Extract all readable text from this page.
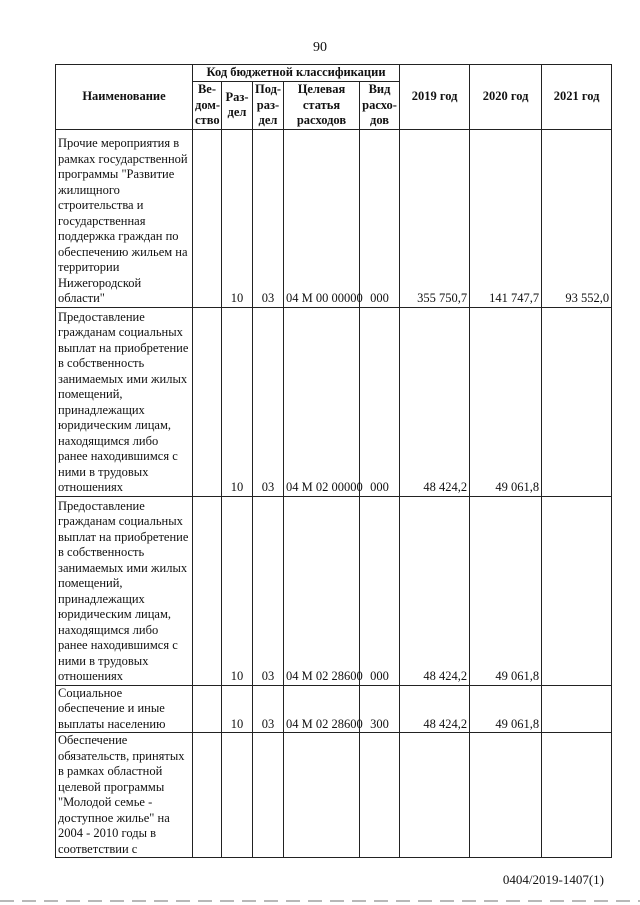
90
Наименование	Код бюджетной классификации					2019 год	2020 год	2021 год
	Ве-дом-ство	Раз-дел	Под-раз-дел	Целевая статья расходов	Вид расхо-дов			
Прочие мероприятия в рамках государственной программы "Развитие жилищного строительства и государственная поддержка граждан по обеспечению жильем на территории Нижегородской области"		10	03	04 М 00 00000	000	355 750,7	141 747,7	93 552,0
Предоставление гражданам социальных выплат на приобретение в собственность занимаемых ими жилых помещений, принадлежащих юридическим лицам, находящимся либо ранее находившимся с ними в трудовых отношениях		10	03	04 М 02 00000	000	48 424,2	49 061,8	
Предоставление гражданам социальных выплат на приобретение в собственность занимаемых ими жилых помещений, принадлежащих юридическим лицам, находящимся либо ранее находившимся с ними в трудовых отношениях		10	03	04 М 02 28600	000	48 424,2	49 061,8	
Социальное обеспечение и иные выплаты населению		10	03	04 М 02 28600	300	48 424,2	49 061,8	
Обеспечение обязательств, принятых в рамках областной целевой программы "Молодой семье - доступное жилье" на 2004 - 2010 годы в соответствии с								
0404/2019-1407(1)
